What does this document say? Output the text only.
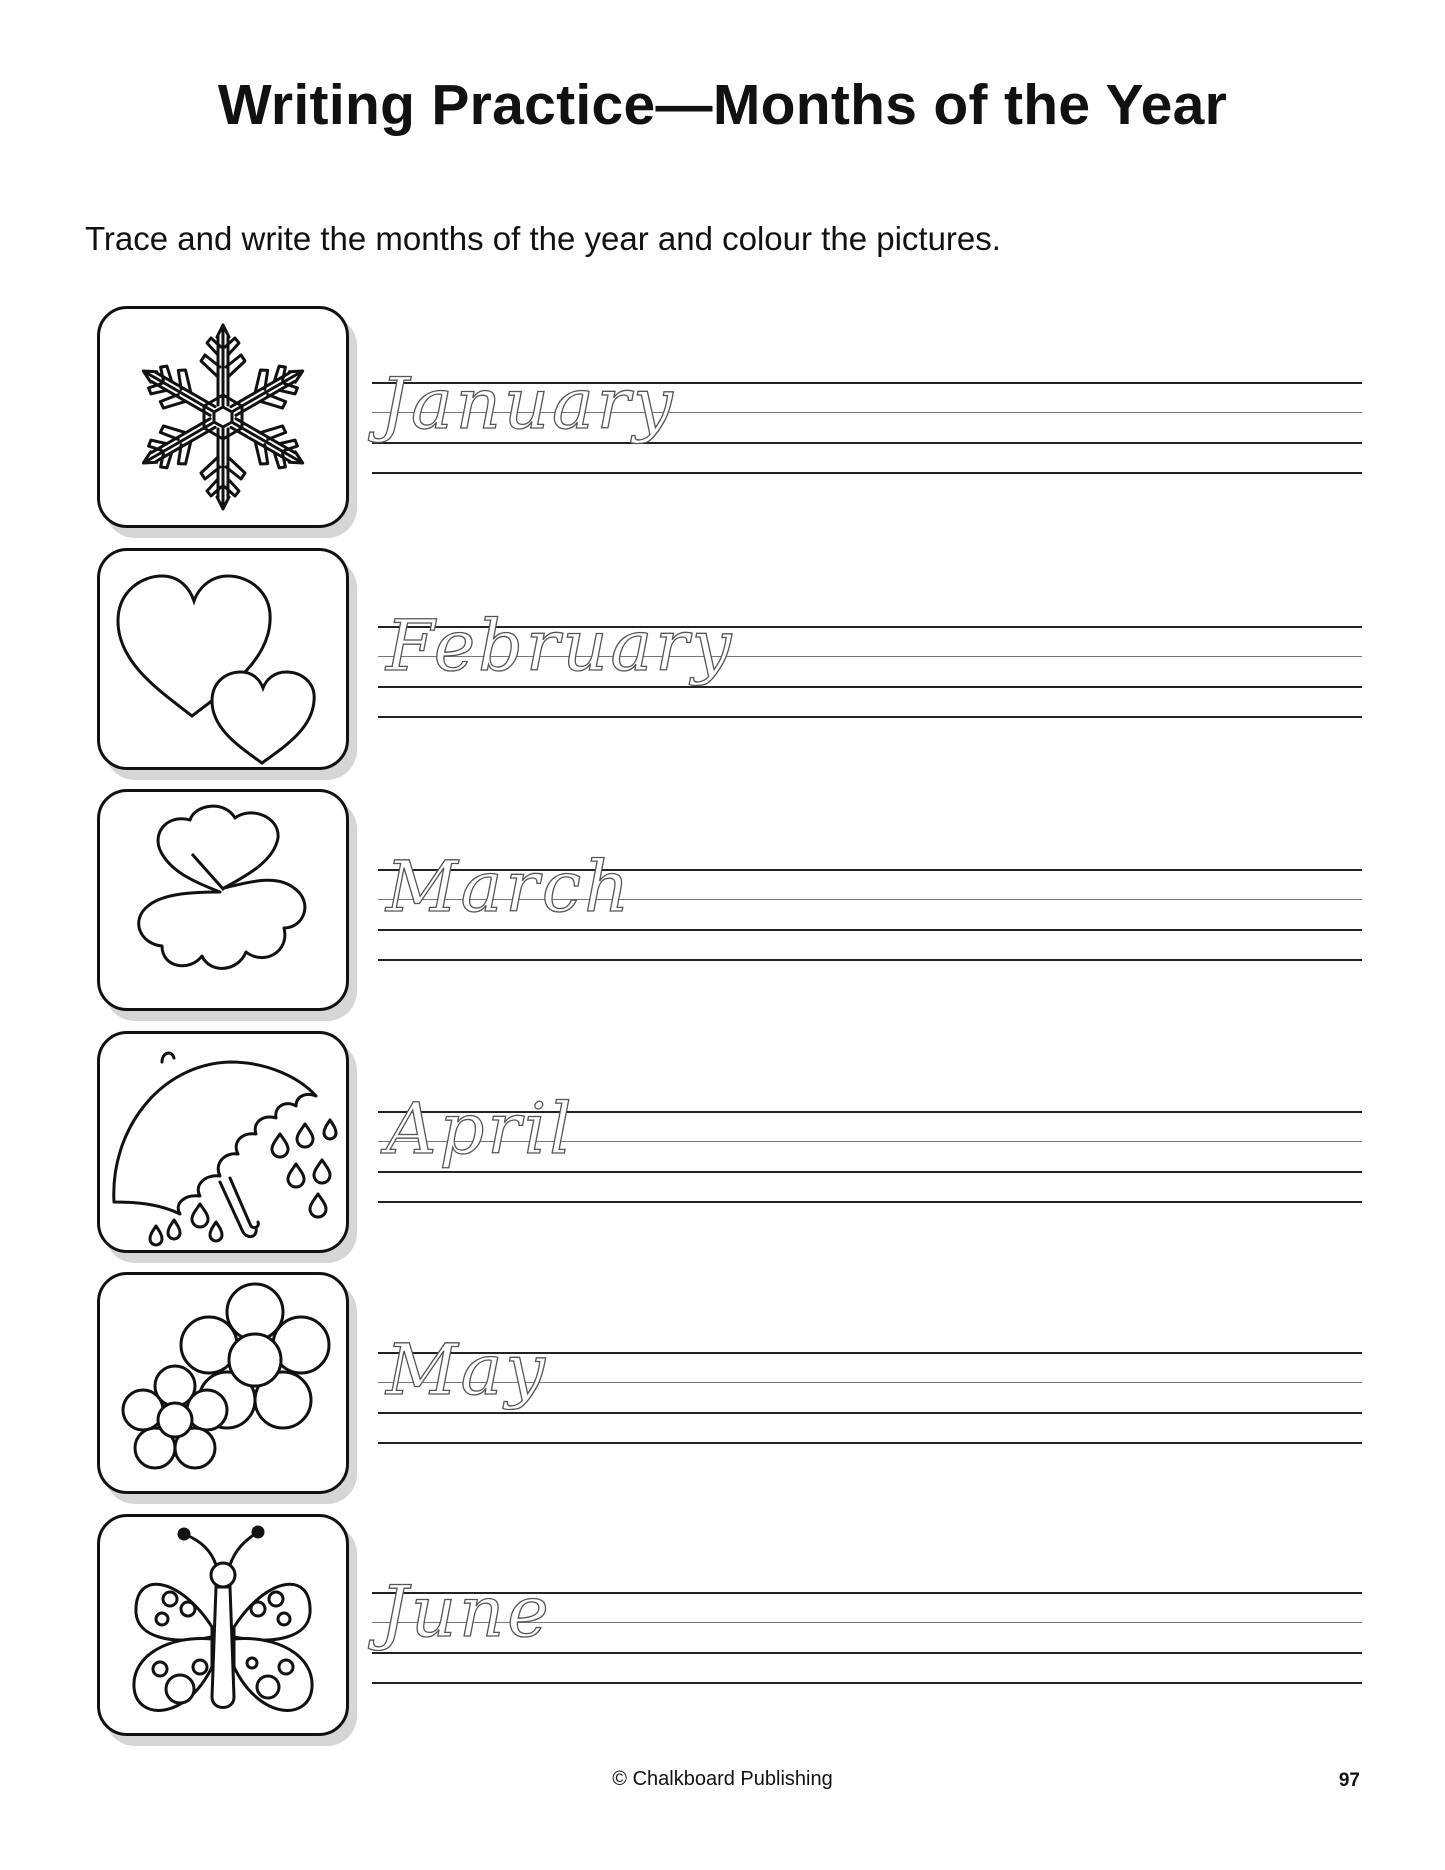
Writing Practice—Months of the Year

Trace and write the months of the year and colour the pictures.

January
February
March
April
May
June
© Chalkboard Publishing	97
